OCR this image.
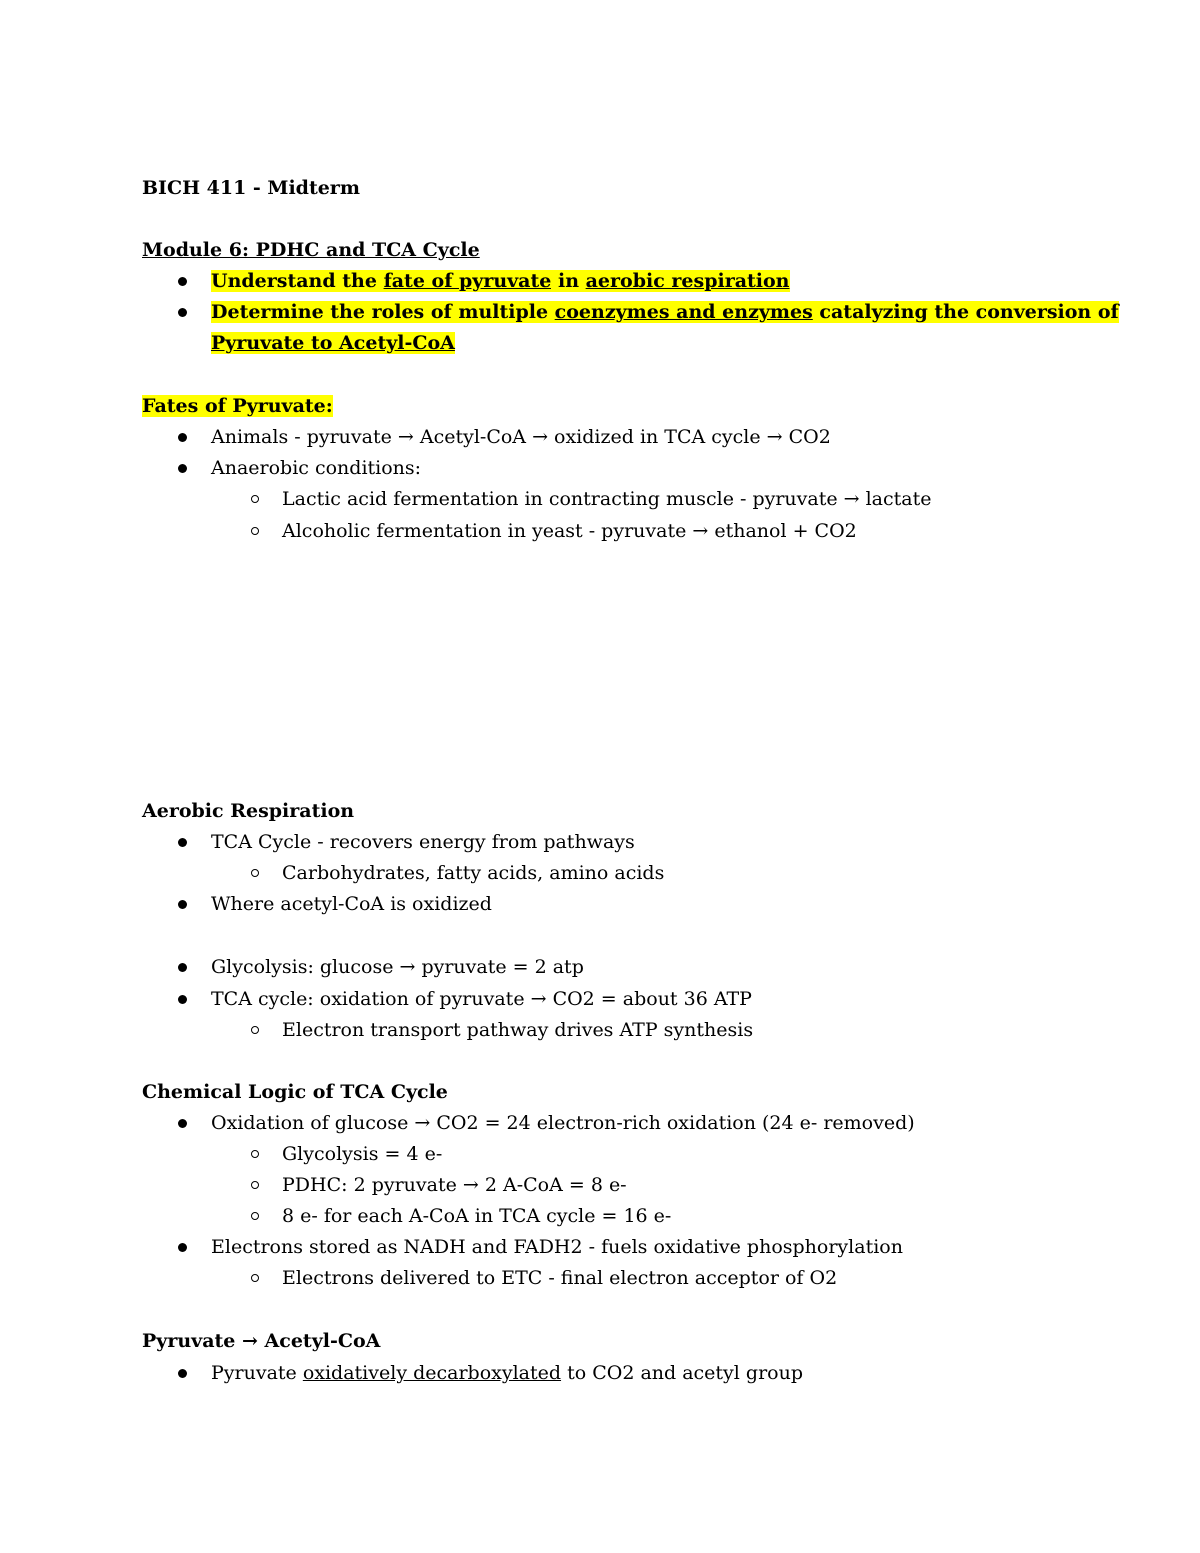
BICH 411 - Midterm
Module 6: PDHC and TCA Cycle
Understand the fate of pyruvate in aerobic respiration
Determine the roles of multiple coenzymes and enzymes catalyzing the conversion of
Pyruvate to Acetyl-CoA
Fates of Pyruvate:
Animals - pyruvate → Acetyl-CoA → oxidized in TCA cycle → CO2
Anaerobic conditions:
Lactic acid fermentation in contracting muscle - pyruvate → lactate
Alcoholic fermentation in yeast - pyruvate → ethanol + CO2
Aerobic Respiration
TCA Cycle - recovers energy from pathways
Carbohydrates, fatty acids, amino acids
Where acetyl-CoA is oxidized
Glycolysis: glucose → pyruvate = 2 atp
TCA cycle: oxidation of pyruvate → CO2 = about 36 ATP
Electron transport pathway drives ATP synthesis
Chemical Logic of TCA Cycle
Oxidation of glucose → CO2 = 24 electron-rich oxidation (24 e- removed)
Glycolysis = 4 e-
PDHC: 2 pyruvate → 2 A-CoA = 8 e-
8 e- for each A-CoA in TCA cycle = 16 e-
Electrons stored as NADH and FADH2 - fuels oxidative phosphorylation
Electrons delivered to ETC - final electron acceptor of O2
Pyruvate → Acetyl-CoA
Pyruvate oxidatively decarboxylated to CO2 and acetyl group
